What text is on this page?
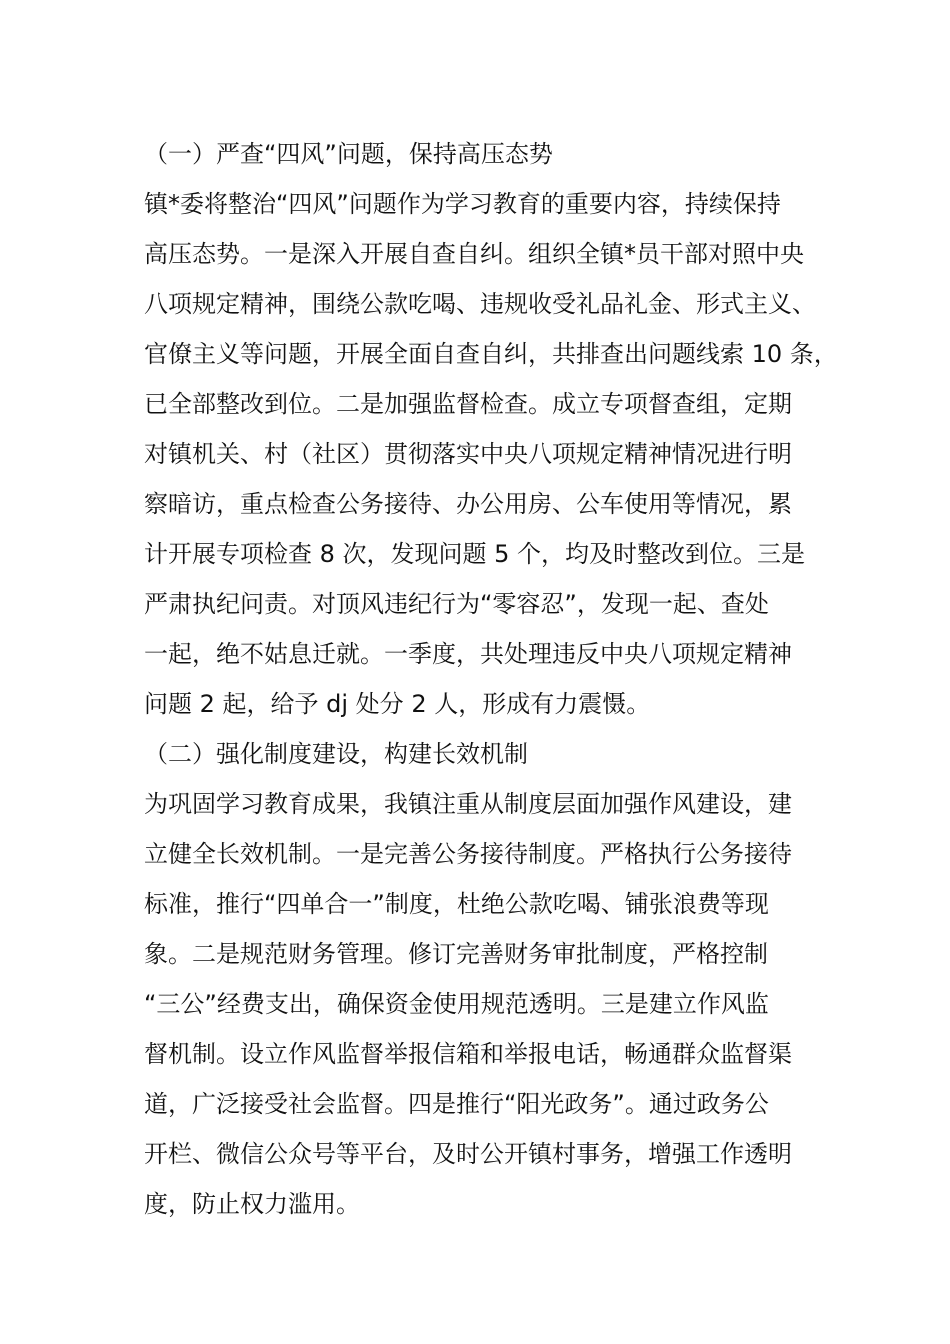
（一）严查“四风”问题，保持高压态势
镇*委将整治“四风”问题作为学习教育的重要内容，持续保持
高压态势。一是深入开展自查自纠。组织全镇*员干部对照中央
八项规定精神，围绕公款吃喝、违规收受礼品礼金、形式主义、
官僚主义等问题，开展全面自查自纠，共排查出问题线索 10 条，
已全部整改到位。二是加强监督检查。成立专项督查组，定期
对镇机关、村（社区）贯彻落实中央八项规定精神情况进行明
察暗访，重点检查公务接待、办公用房、公车使用等情况，累
计开展专项检查 8 次，发现问题 5 个，均及时整改到位。三是
严肃执纪问责。对顶风违纪行为“零容忍”，发现一起、查处
一起，绝不姑息迁就。一季度，共处理违反中央八项规定精神
问题 2 起，给予 dj 处分 2 人，形成有力震慑。
（二）强化制度建设，构建长效机制
为巩固学习教育成果，我镇注重从制度层面加强作风建设，建
立健全长效机制。一是完善公务接待制度。严格执行公务接待
标准，推行“四单合一”制度，杜绝公款吃喝、铺张浪费等现
象。二是规范财务管理。修订完善财务审批制度，严格控制
“三公”经费支出，确保资金使用规范透明。三是建立作风监
督机制。设立作风监督举报信箱和举报电话，畅通群众监督渠
道，广泛接受社会监督。四是推行“阳光政务”。通过政务公
开栏、微信公众号等平台，及时公开镇村事务，增强工作透明
度，防止权力滥用。
